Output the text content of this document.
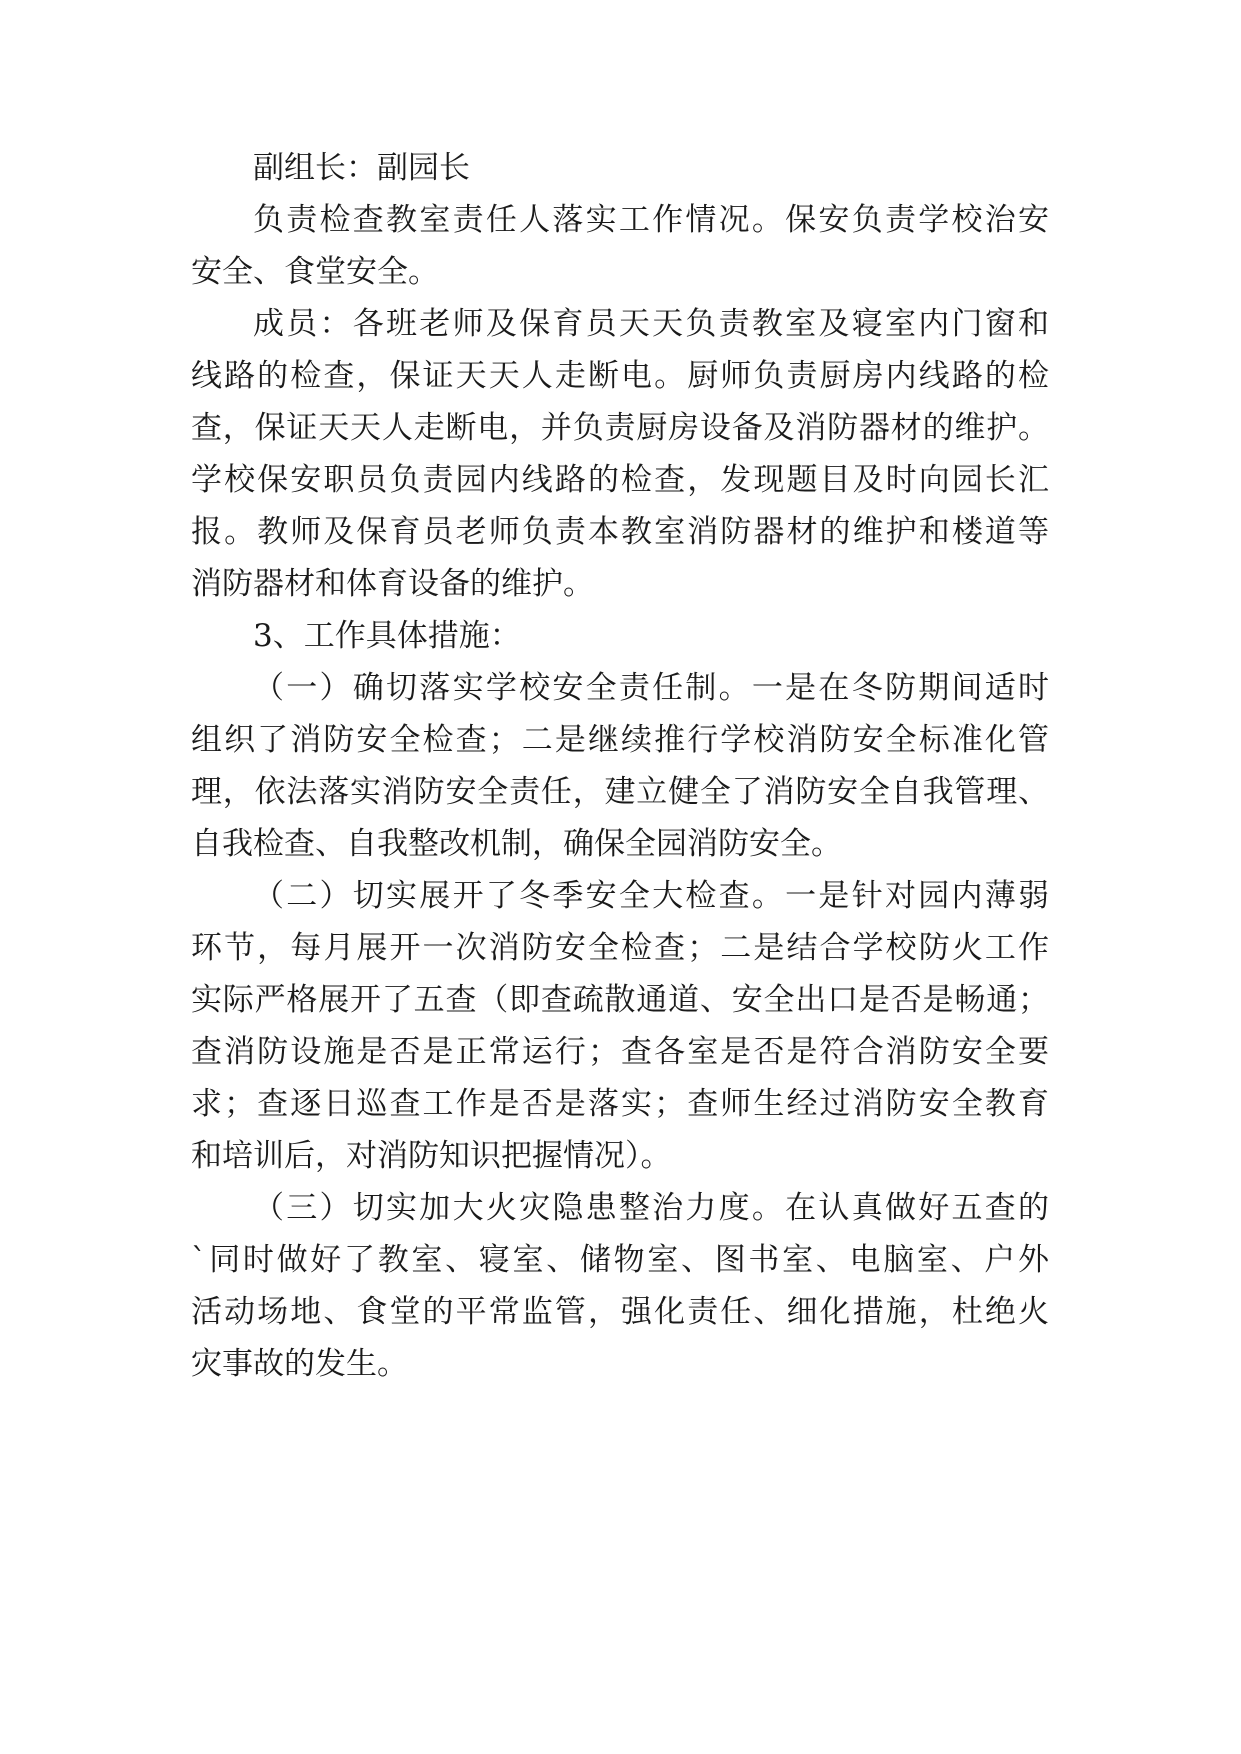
副组长：副园长

负责检查教室责任人落实工作情况。保安负责学校治安

安全、食堂安全。

成员：各班老师及保育员天天负责教室及寝室内门窗和

线路的检查，保证天天人走断电。厨师负责厨房内线路的检

查，保证天天人走断电，并负责厨房设备及消防器材的维护。

学校保安职员负责园内线路的检查，发现题目及时向园长汇

报。教师及保育员老师负责本教室消防器材的维护和楼道等

消防器材和体育设备的维护。

3、工作具体措施：

（一）确切落实学校安全责任制。一是在冬防期间适时

组织了消防安全检查；二是继续推行学校消防安全标准化管

理，依法落实消防安全责任，建立健全了消防安全自我管理、

自我检查、自我整改机制，确保全园消防安全。

（二）切实展开了冬季安全大检查。一是针对园内薄弱

环节，每月展开一次消防安全检查；二是结合学校防火工作

实际严格展开了五查（即查疏散通道、安全出口是否是畅通；

查消防设施是否是正常运行；查各室是否是符合消防安全要

求；查逐日巡查工作是否是落实；查师生经过消防安全教育

和培训后，对消防知识把握情况）。

（三）切实加大火灾隐患整治力度。在认真做好五查的

`同时做好了教室、寝室、储物室、图书室、电脑室、户外

活动场地、食堂的平常监管，强化责任、细化措施，杜绝火

灾事故的发生。
